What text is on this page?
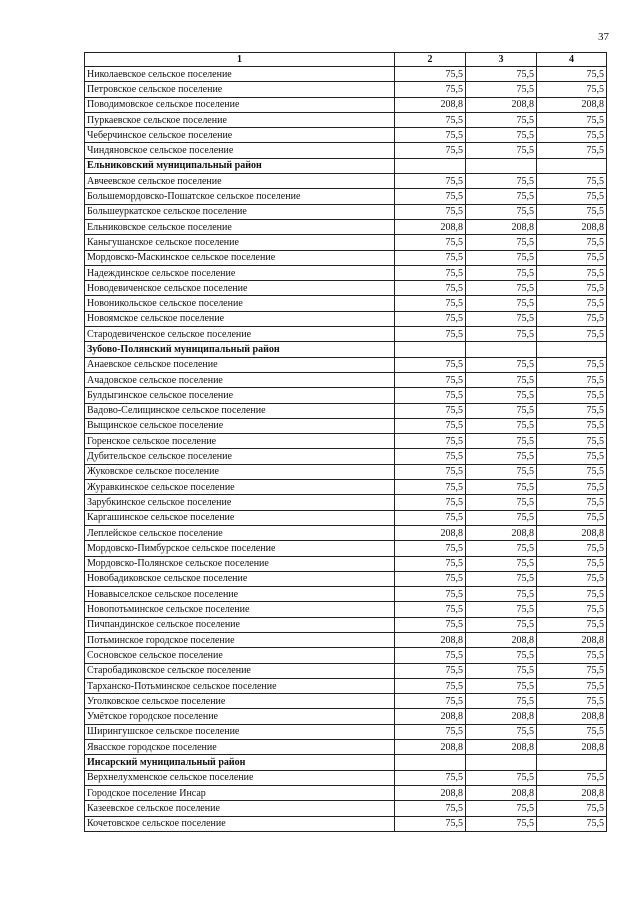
37
1	2	3	4
Николаевское сельское поселение	75,5	75,5	75,5
Петровское сельское поселение	75,5	75,5	75,5
Поводимовское сельское поселение	208,8	208,8	208,8
Пуркаевское сельское поселение	75,5	75,5	75,5
Чеберчинское сельское поселение	75,5	75,5	75,5
Чиндяновское сельское поселение	75,5	75,5	75,5
Ельниковский муниципальный район			
Авчеевское сельское поселение	75,5	75,5	75,5
Большемордовско-Пошатское сельское поселение	75,5	75,5	75,5
Большеуркатское сельское поселение	75,5	75,5	75,5
Ельниковское сельское поселение	208,8	208,8	208,8
Каньгушанское сельское поселение	75,5	75,5	75,5
Мордовско-Маскинское сельское поселение	75,5	75,5	75,5
Надеждинское сельское поселение	75,5	75,5	75,5
Новодевиченское сельское поселение	75,5	75,5	75,5
Новоникольское сельское поселение	75,5	75,5	75,5
Новоямское сельское поселение	75,5	75,5	75,5
Стародевиченское сельское поселение	75,5	75,5	75,5
Зубово-Полянский муниципальный район			
Анаевское сельское поселение	75,5	75,5	75,5
Ачадовское сельское поселение	75,5	75,5	75,5
Булдыгинское сельское поселение	75,5	75,5	75,5
Вадово-Селищинское сельское поселение	75,5	75,5	75,5
Выщинское сельское поселение	75,5	75,5	75,5
Горенское сельское поселение	75,5	75,5	75,5
Дубительское сельское поселение	75,5	75,5	75,5
Жуковское сельское поселение	75,5	75,5	75,5
Журавкинское сельское поселение	75,5	75,5	75,5
Зарубкинское сельское поселение	75,5	75,5	75,5
Каргашинское сельское поселение	75,5	75,5	75,5
Леплейское сельское поселение	208,8	208,8	208,8
Мордовско-Пимбурское сельское поселение	75,5	75,5	75,5
Мордовско-Полянское сельское поселение	75,5	75,5	75,5
Новобадиковское сельское поселение	75,5	75,5	75,5
Новавыселское сельское поселение	75,5	75,5	75,5
Новопотьминское сельское поселение	75,5	75,5	75,5
Пичпандинское сельское поселение	75,5	75,5	75,5
Потьминское городское поселение	208,8	208,8	208,8
Сосновское сельское поселение	75,5	75,5	75,5
Старобадиковское сельское поселение	75,5	75,5	75,5
Тарханско-Потьминское сельское поселение	75,5	75,5	75,5
Уголковское сельское поселение	75,5	75,5	75,5
Умётское городское поселение	208,8	208,8	208,8
Ширингушское сельское поселение	75,5	75,5	75,5
Явасское городское поселение	208,8	208,8	208,8
Инсарский муниципальный район			
Верхнелухменское сельское поселение	75,5	75,5	75,5
Городское поселение Инсар	208,8	208,8	208,8
Казеевское сельское поселение	75,5	75,5	75,5
Кочетовское сельское поселение	75,5	75,5	75,5
